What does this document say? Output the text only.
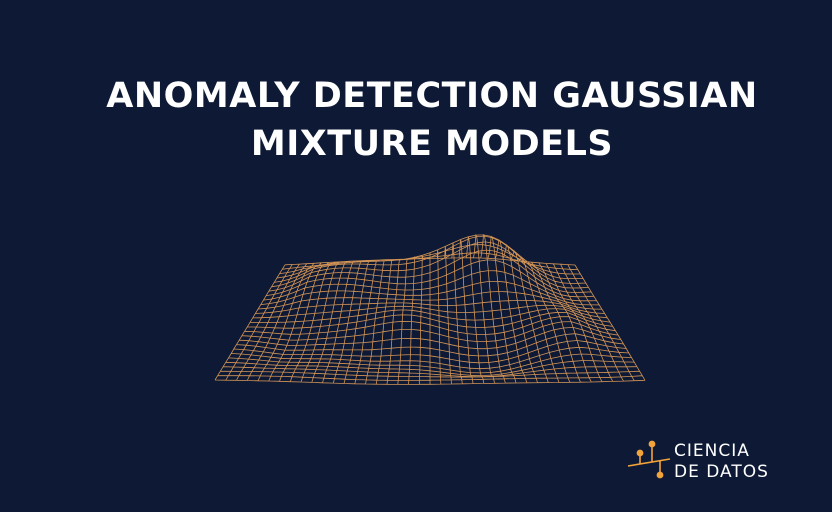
ANOMALY DETECTION GAUSSIAN
MIXTURE MODELS
CIENCIA
DE DATOS
